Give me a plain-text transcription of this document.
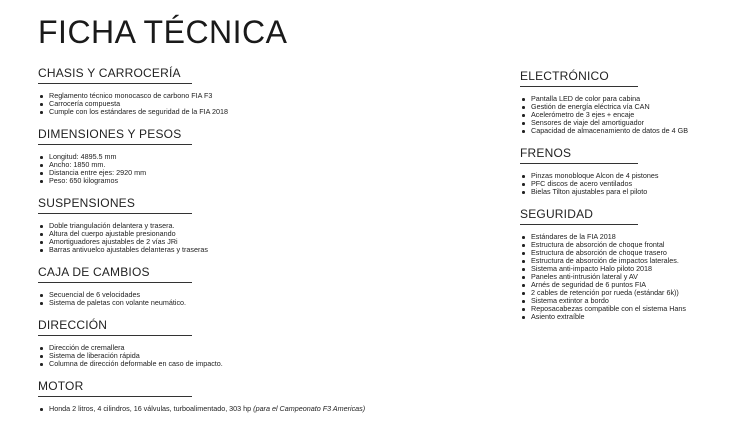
FICHA TÉCNICA
CHASIS Y CARROCERÍA
Reglamento técnico monocasco de carbono FIA F3
Carrocería compuesta
Cumple con los estándares de seguridad de la FIA 2018
DIMENSIONES Y PESOS
Longitud: 4895.5 mm
Ancho: 1850 mm.
Distancia entre ejes: 2920 mm
Peso: 650 kilogramos
SUSPENSIONES
Doble triangulación delantera y trasera.
Altura del cuerpo ajustable presionando
Amortiguadores ajustables de 2 vías JRi
Barras antivuelco ajustables delanteras y traseras
CAJA DE CAMBIOS
Secuencial de 6 velocidades
Sistema de paletas con volante neumático.
DIRECCIÓN
Dirección de cremallera
Sistema de liberación rápida
Columna de dirección deformable en caso de impacto.
MOTOR
Honda 2 litros, 4 cilindros, 16 válvulas, turboalimentado, 303 hp (para el Campeonato F3 Americas)
ELECTRÓNICO
Pantalla LED de color para cabina
Gestión de energía eléctrica vía CAN
Acelerómetro de 3 ejes + encaje
Sensores de viaje del amortiguador
Capacidad de almacenamiento de datos de 4 GB
FRENOS
Pinzas monobloque Alcon de 4 pistones
PFC discos de acero ventilados
Bielas Tilton ajustables para el piloto
SEGURIDAD
Estándares de la FIA 2018
Estructura de absorción de choque frontal
Estructura de absorción de choque trasero
Estructura de absorción de impactos laterales.
Sistema anti-impacto Halo piloto 2018
Paneles anti-intrusión lateral y AV
Arnés de seguridad de 6 puntos FIA
2 cables de retención por rueda (estándar 6k))
Sistema extintor a bordo
Reposacabezas compatible con el sistema Hans
Asiento extraíble
